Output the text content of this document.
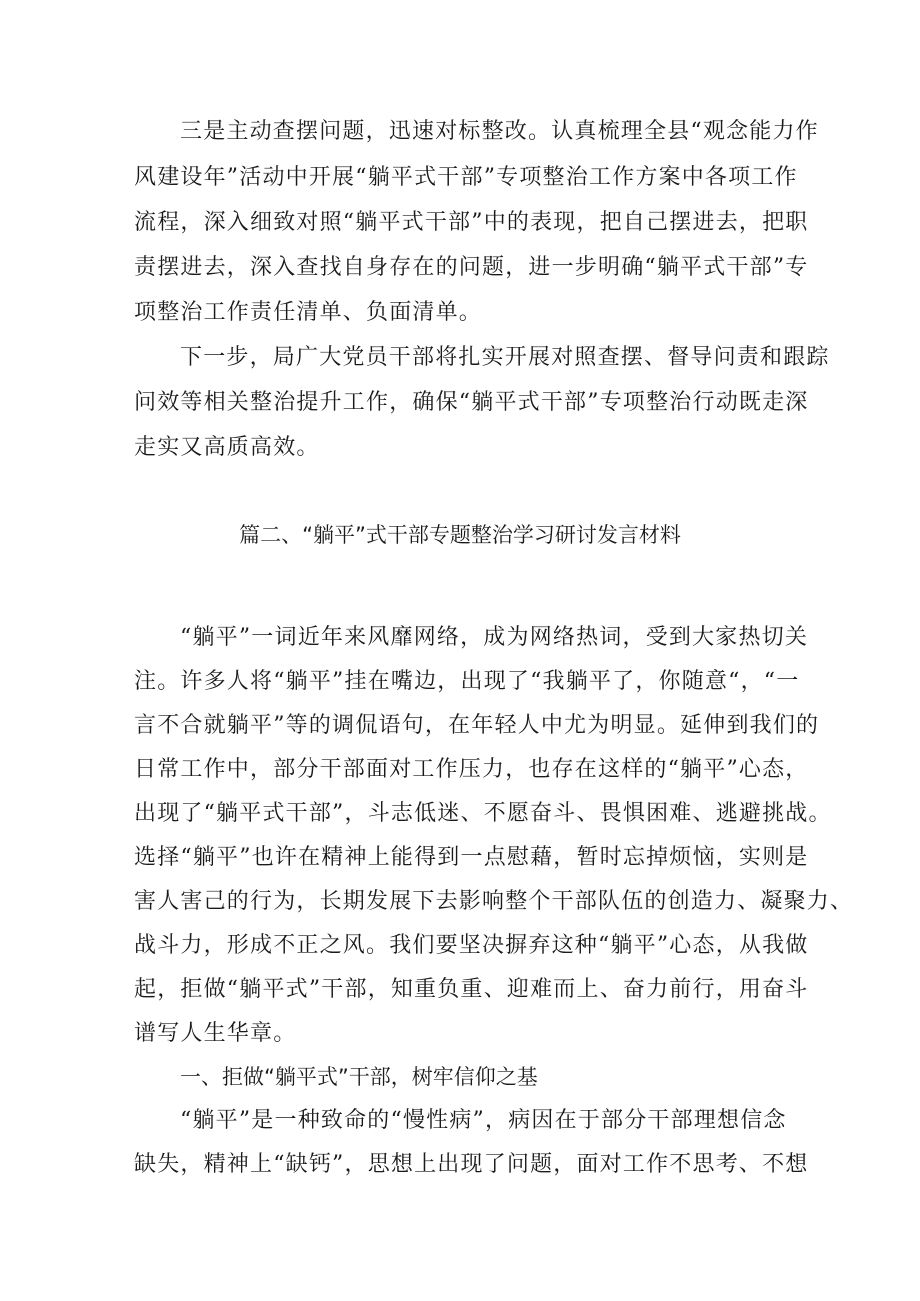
三是主动查摆问题，迅速对标整改。认真梳理全县“观念能力作
风建设年”活动中开展“躺平式干部”专项整治工作方案中各项工作
流程，深入细致对照“躺平式干部”中的表现，把自己摆进去，把职
责摆进去，深入查找自身存在的问题，进一步明确“躺平式干部”专
项整治工作责任清单、负面清单。
下一步，局广大党员干部将扎实开展对照查摆、督导问责和跟踪
问效等相关整治提升工作，确保“躺平式干部”专项整治行动既走深
走实又高质高效。
篇二、“躺平”式干部专题整治学习研讨发言材料
“躺平”一词近年来风靡网络，成为网络热词，受到大家热切关
注。许多人将“躺平”挂在嘴边，出现了“我躺平了，你随意“，“一
言不合就躺平”等的调侃语句，在年轻人中尤为明显。延伸到我们的
日常工作中，部分干部面对工作压力，也存在这样的“躺平”心态，
出现了“躺平式干部”，斗志低迷、不愿奋斗、畏惧困难、逃避挑战。
选择“躺平”也许在精神上能得到一点慰藉，暂时忘掉烦恼，实则是
害人害己的行为，长期发展下去影响整个干部队伍的创造力、凝聚力、
战斗力，形成不正之风。我们要坚决摒弃这种“躺平”心态，从我做
起，拒做“躺平式”干部，知重负重、迎难而上、奋力前行，用奋斗
谱写人生华章。
一、拒做“躺平式”干部，树牢信仰之基
“躺平”是一种致命的“慢性病”，病因在于部分干部理想信念
缺失，精神上“缺钙”，思想上出现了问题，面对工作不思考、不想
